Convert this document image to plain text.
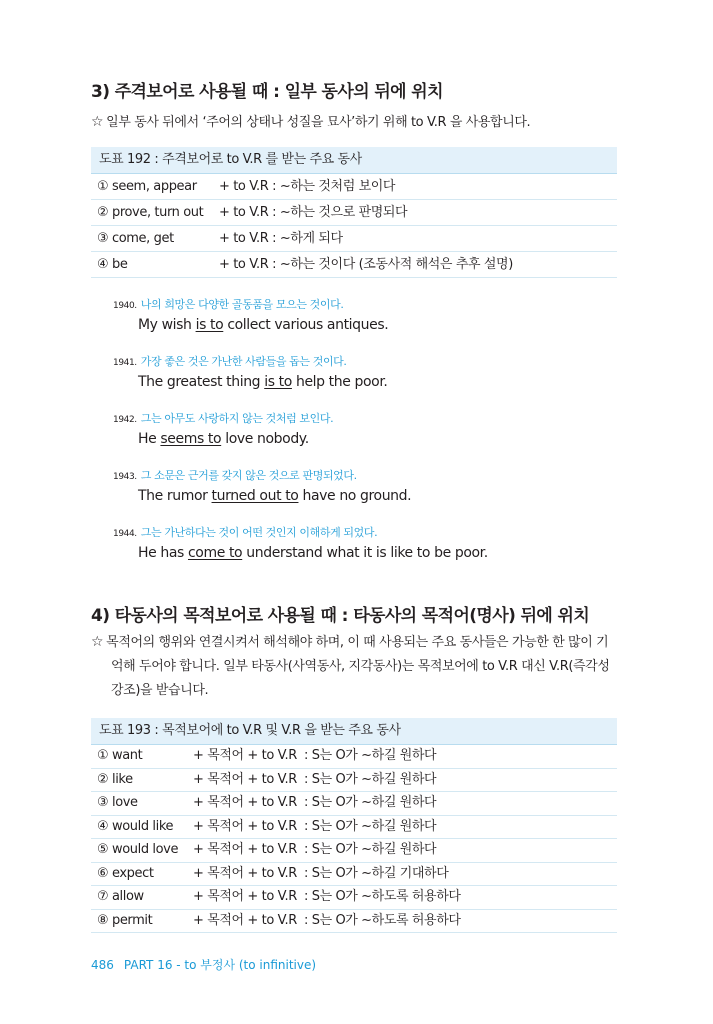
3) 주격보어로 사용될 때 : 일부 동사의 뒤에 위치
☆ 일부 동사 뒤에서 ‘주어의 상태나 성질을 묘사’하기 위해 to V.R 을 사용합니다.
도표 192 : 주격보어로 to V.R 를 받는 주요 동사
① seem, appear	+ to V.R : ~하는 것처럼 보이다
② prove, turn out	+ to V.R : ~하는 것으로 판명되다
③ come, get	+ to V.R : ~하게 되다
④ be	+ to V.R : ~하는 것이다 (조동사적 해석은 추후 설명)
1940. 나의 희망은 다양한 골동품을 모으는 것이다.
My wish is to collect various antiques.
1941. 가장 좋은 것은 가난한 사람들을 돕는 것이다.
The greatest thing is to help the poor.
1942. 그는 아무도 사랑하지 않는 것처럼 보인다.
He seems to love nobody.
1943. 그 소문은 근거를 갖지 않은 것으로 판명되었다.
The rumor turned out to have no ground.
1944. 그는 가난하다는 것이 어떤 것인지 이해하게 되었다.
He has come to understand what it is like to be poor.
4) 타동사의 목적보어로 사용될 때 : 타동사의 목적어(명사) 뒤에 위치
☆ 목적어의 행위와 연결시켜서 해석해야 하며, 이 때 사용되는 주요 동사들은 가능한 한 많이 기
억해 두어야 합니다. 일부 타동사(사역동사, 지각동사)는 목적보어에 to V.R 대신 V.R(즉각성
강조)을 받습니다.
도표 193 : 목적보어에 to V.R 및 V.R 을 받는 주요 동사
① want	+ 목적어 + to V.R : S는 O가 ~하길 원하다
② like	+ 목적어 + to V.R : S는 O가 ~하길 원하다
③ love	+ 목적어 + to V.R : S는 O가 ~하길 원하다
④ would like	+ 목적어 + to V.R : S는 O가 ~하길 원하다
⑤ would love	+ 목적어 + to V.R : S는 O가 ~하길 원하다
⑥ expect	+ 목적어 + to V.R : S는 O가 ~하길 기대하다
⑦ allow	+ 목적어 + to V.R : S는 O가 ~하도록 허용하다
⑧ permit	+ 목적어 + to V.R : S는 O가 ~하도록 허용하다
486 PART 16 - to 부정사 (to infinitive)
